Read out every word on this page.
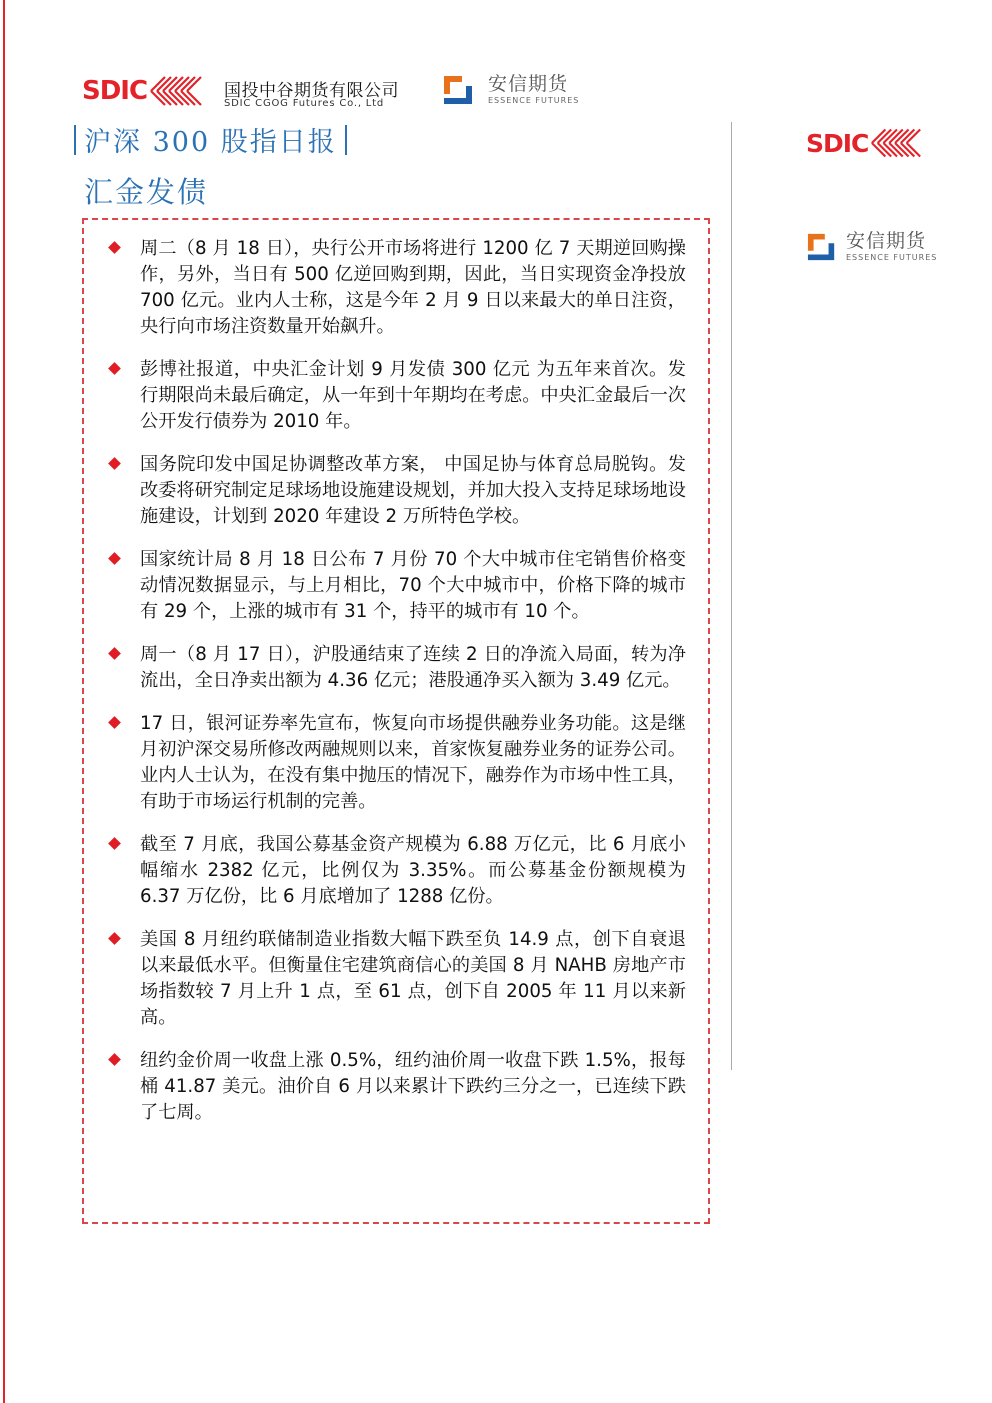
SDIC	国投中谷期货有限公司
SDIC CGOG Futures Co., Ltd
安信期货
ESSENCE FUTURES
沪深 300 股指日报
汇金发债
SDIC
安信期货
ESSENCE FUTURES
周二（8 月 18 日），央行公开市场将进行 1200 亿 7 天期逆回购操作，另外，当日有 500 亿逆回购到期，因此，当日实现资金净投放 700 亿元。业内人士称，这是今年 2 月 9 日以来最大的单日注资，央行向市场注资数量开始飙升。
彭博社报道，中央汇金计划 9 月发债 300 亿元 为五年来首次。发行期限尚未最后确定，从一年到十年期均在考虑。中央汇金最后一次公开发行债券为 2010 年。
国务院印发中国足协调整改革方案， 中国足协与体育总局脱钩。发改委将研究制定足球场地设施建设规划，并加大投入支持足球场地设施建设，计划到 2020 年建设 2 万所特色学校。
国家统计局 8 月 18 日公布 7 月份 70 个大中城市住宅销售价格变动情况数据显示，与上月相比，70 个大中城市中，价格下降的城市有 29 个，上涨的城市有 31 个，持平的城市有 10 个。
周一（8 月 17 日），沪股通结束了连续 2 日的净流入局面，转为净流出，全日净卖出额为 4.36 亿元；港股通净买入额为 3.49 亿元。
17 日，银河证券率先宣布，恢复向市场提供融券业务功能。这是继月初沪深交易所修改两融规则以来，首家恢复融券业务的证券公司。业内人士认为，在没有集中抛压的情况下，融券作为市场中性工具，有助于市场运行机制的完善。
截至 7 月底，我国公募基金资产规模为 6.88 万亿元，比 6 月底小幅缩水 2382 亿元，比例仅为 3.35%。而公募基金份额规模为 6.37 万亿份，比 6 月底增加了 1288 亿份。
美国 8 月纽约联储制造业指数大幅下跌至负 14.9 点，创下自衰退以来最低水平。但衡量住宅建筑商信心的美国 8 月 NAHB 房地产市场指数较 7 月上升 1 点，至 61 点，创下自 2005 年 11 月以来新高。
纽约金价周一收盘上涨 0.5%，纽约油价周一收盘下跌 1.5%，报每桶 41.87 美元。油价自 6 月以来累计下跌约三分之一，已连续下跌了七周。
